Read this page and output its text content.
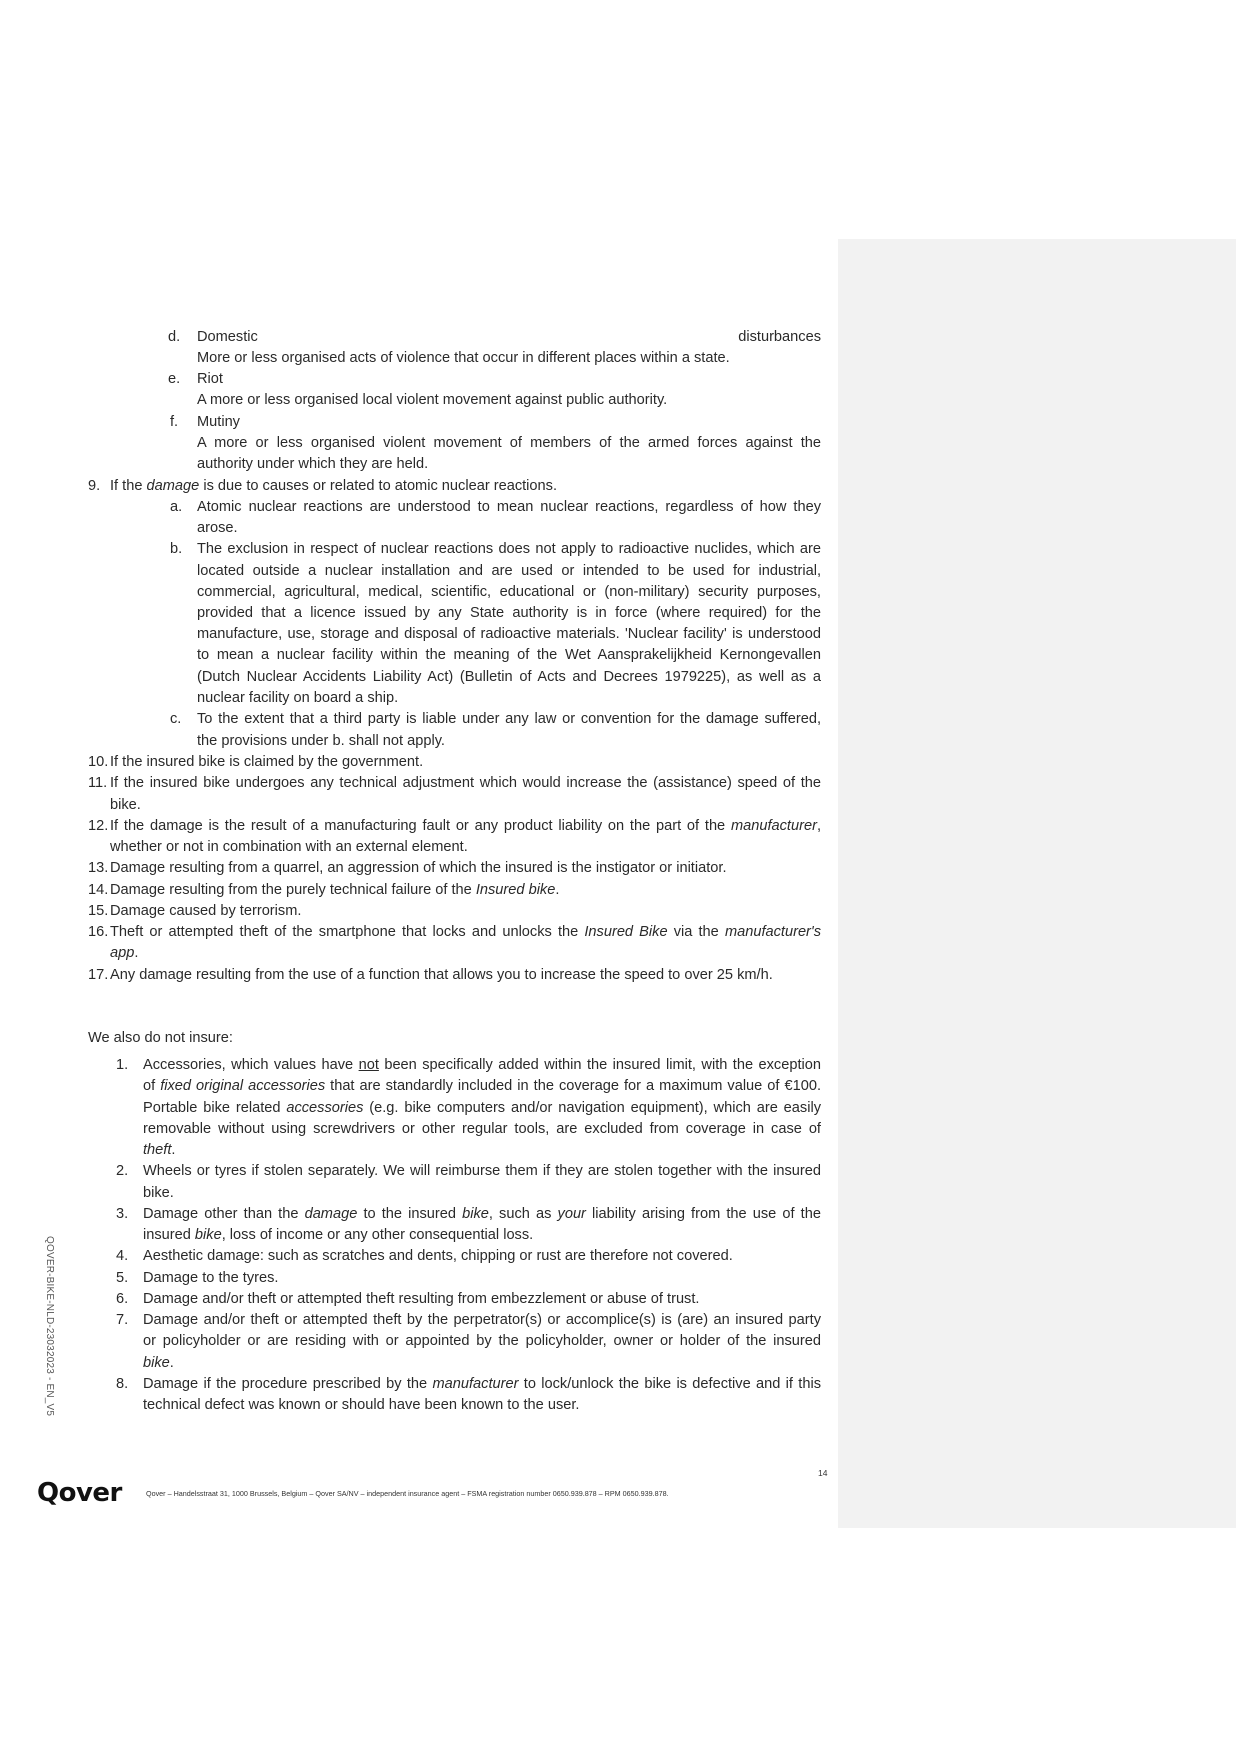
d. Domestic	disturbances
More or less organised acts of violence that occur in different places within a state.
e. Riot
A more or less organised local violent movement against public authority.
f. Mutiny
A more or less organised violent movement of members of the armed forces against the
authority under which they are held.
9. If the damage is due to causes or related to atomic nuclear reactions.
a. Atomic nuclear reactions are understood to mean nuclear reactions, regardless of how they
arose.
b. The exclusion in respect of nuclear reactions does not apply to radioactive nuclides, which are
located outside a nuclear installation and are used or intended to be used for industrial,
commercial, agricultural, medical, scientific, educational or (non-military) security purposes,
provided that a licence issued by any State authority is in force (where required) for the
manufacture, use, storage and disposal of radioactive materials. 'Nuclear facility' is understood
to mean a nuclear facility within the meaning of the Wet Aansprakelijkheid Kernongevallen
(Dutch Nuclear Accidents Liability Act) (Bulletin of Acts and Decrees 1979225), as well as a
nuclear facility on board a ship.
c. To the extent that a third party is liable under any law or convention for the damage suffered,
the provisions under b. shall not apply.
10. If the insured bike is claimed by the government.
11. If the insured bike undergoes any technical adjustment which would increase the (assistance) speed of the
bike.
12. If the damage is the result of a manufacturing fault or any product liability on the part of the manufacturer,
whether or not in combination with an external element.
13. Damage resulting from a quarrel, an aggression of which the insured is the instigator or initiator.
14. Damage resulting from the purely technical failure of the Insured bike.
15. Damage caused by terrorism.
16. Theft or attempted theft of the smartphone that locks and unlocks the Insured Bike via the manufacturer's
app.
17. Any damage resulting from the use of a function that allows you to increase the speed to over 25 km/h.
We also do not insure:
1. Accessories, which values have not been specifically added within the insured limit, with the exception
of fixed original accessories that are standardly included in the coverage for a maximum value of €100.
Portable bike related accessories (e.g. bike computers and/or navigation equipment), which are easily
removable without using screwdrivers or other regular tools, are excluded from coverage in case of
theft.
2. Wheels or tyres if stolen separately. We will reimburse them if they are stolen together with the insured
bike.
3. Damage other than the damage to the insured bike, such as your liability arising from the use of the
insured bike, loss of income or any other consequential loss.
4. Aesthetic damage: such as scratches and dents, chipping or rust are therefore not covered.
5. Damage to the tyres.
6. Damage and/or theft or attempted theft resulting from embezzlement or abuse of trust.
7. Damage and/or theft or attempted theft by the perpetrator(s) or accomplice(s) is (are) an insured party
or policyholder or are residing with or appointed by the policyholder, owner or holder of the insured
bike.
8. Damage if the procedure prescribed by the manufacturer to lock/unlock the bike is defective and if this
technical defect was known or should have been known to the user.
QOVER-BIKE-NLD-23032023 - EN_V5
14
Qover	Qover – Handelsstraat 31, 1000 Brussels, Belgium – Qover SA/NV – independent insurance agent – FSMA registration number 0650.939.878 – RPM 0650.939.878.
